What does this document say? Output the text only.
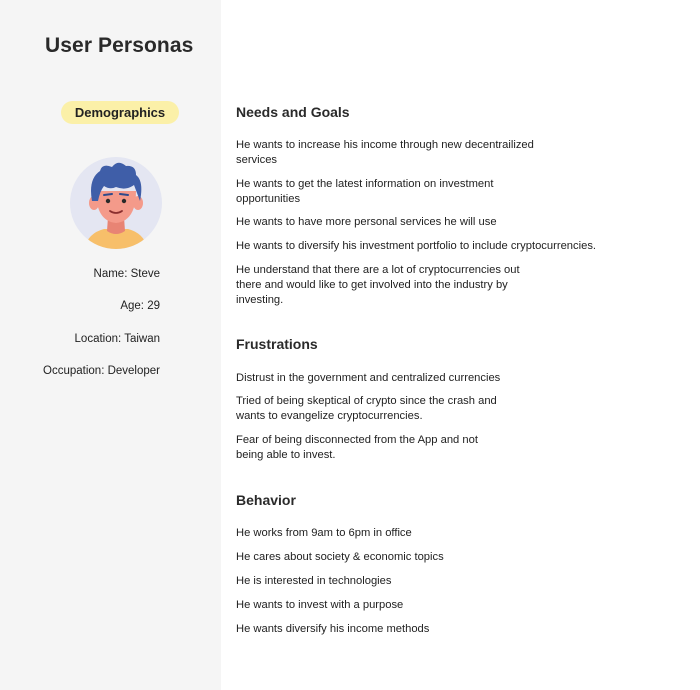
User Personas
Demographics
Name: Steve
Age: 29
Location: Taiwan
Occupation: Developer
Needs and Goals
He wants to increase his income through new decentrailized
services
He wants to get the latest information on investment
opportunities
He wants to have more personal services he will use
He wants to diversify his investment portfolio to include cryptocurrencies.
He understand that there are a lot of cryptocurrencies out
there and would like to get involved into the industry by
investing.
Frustrations
Distrust in the government and centralized currencies
Tried of being skeptical of crypto since the crash and
wants to evangelize cryptocurrencies.
Fear of being disconnected from the App and not
being able to invest.
Behavior
He works from 9am to 6pm in office
He cares about society & economic topics
He is interested in technologies
He wants to invest with a purpose
He wants diversify his income methods
